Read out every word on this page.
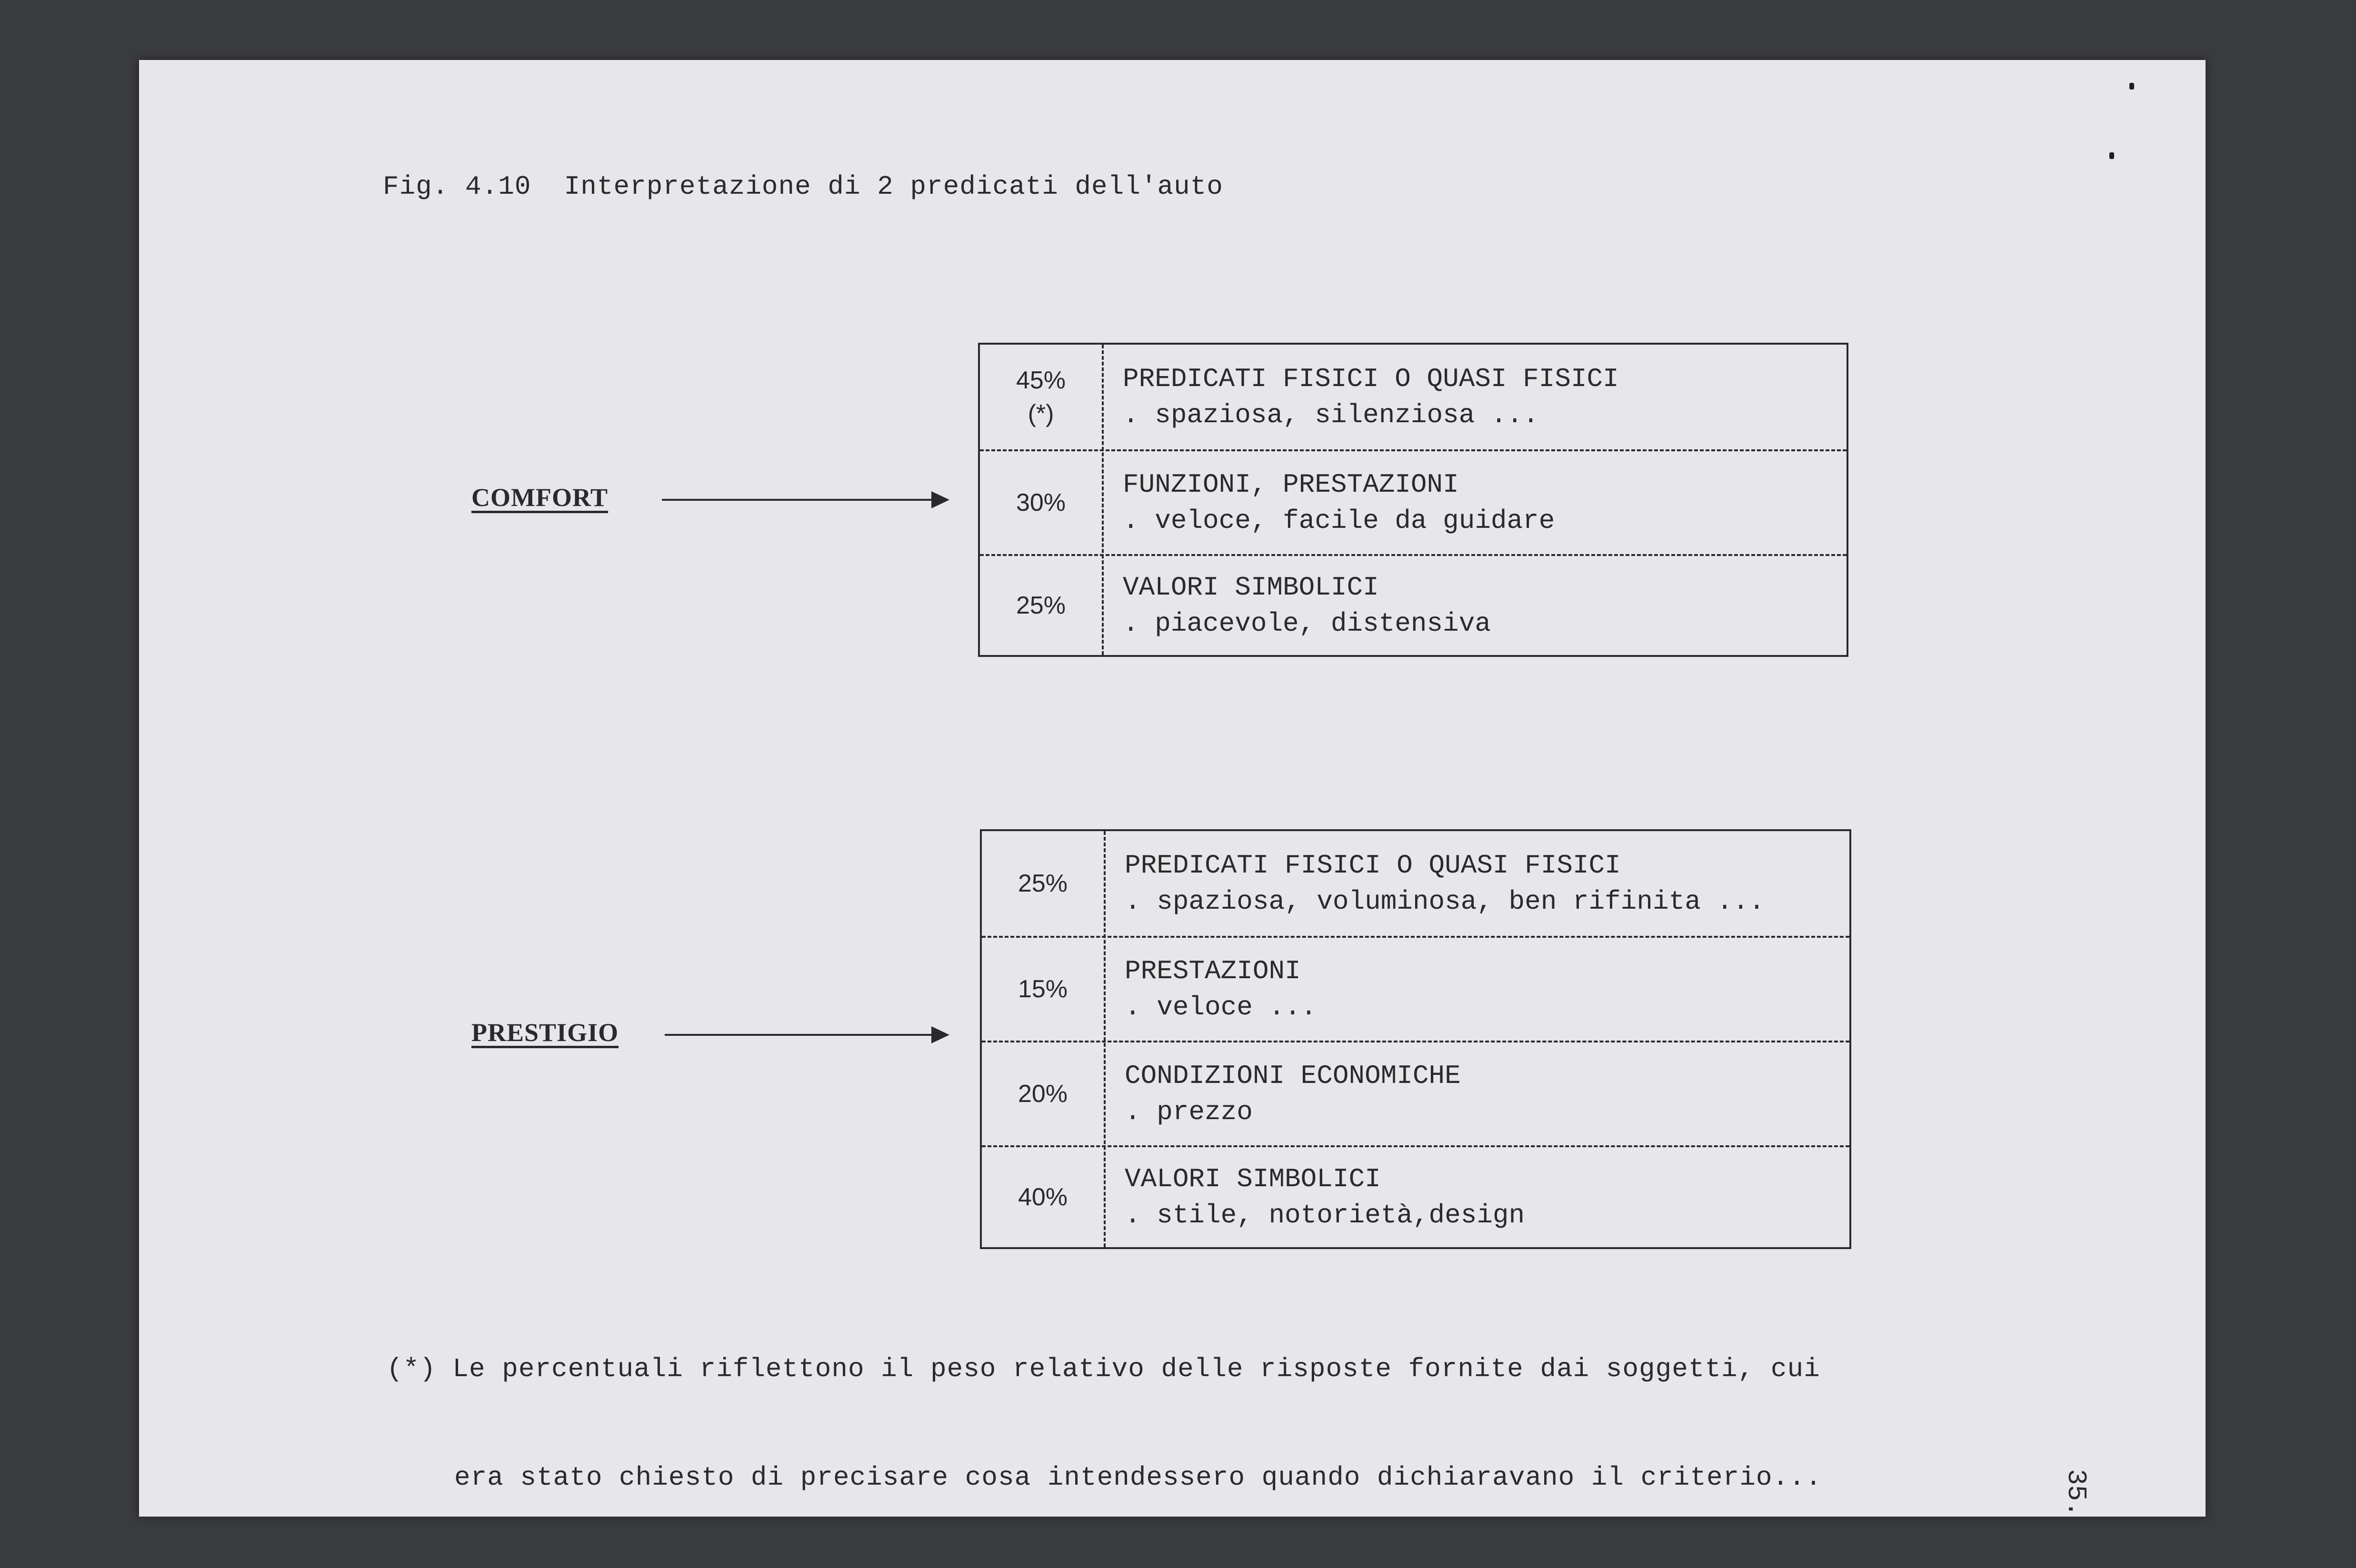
Fig. 4.10  Interpretazione di 2 predicati dell'auto
COMFORT
45%
(*)
PREDICATI FISICI O QUASI FISICI
. spaziosa, silenziosa ...
30%
FUNZIONI, PRESTAZIONI
. veloce, facile da guidare
25%
VALORI SIMBOLICI
. piacevole, distensiva
PRESTIGIO
25%
PREDICATI FISICI O QUASI FISICI
. spaziosa, voluminosa, ben rifinita ...
15%
PRESTAZIONI
. veloce ...
20%
CONDIZIONI ECONOMICHE
. prezzo
40%
VALORI SIMBOLICI
. stile, notorietà,design

(*) Le percentuali riflettono il peso relativo delle risposte fornite dai soggetti, cui

era stato chiesto di precisare cosa intendessero quando dichiaravano il criterio...

	35.
